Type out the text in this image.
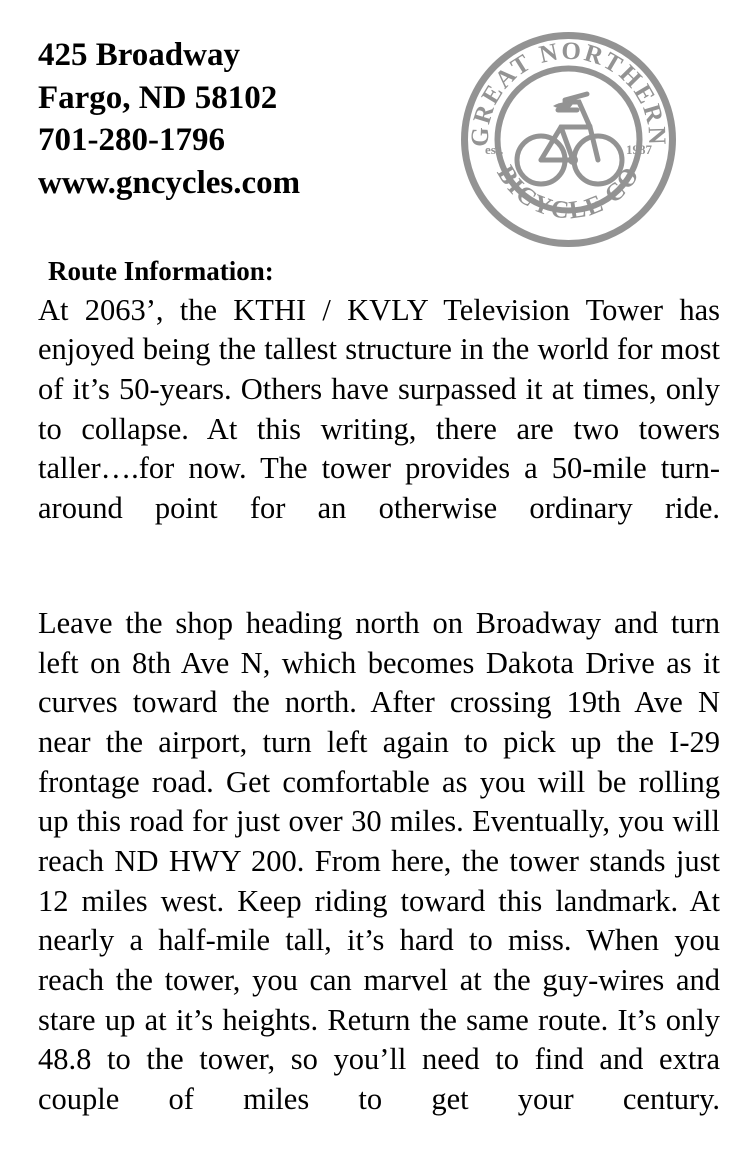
425 Broadway
Fargo, ND 58102
701-280-1796
www.gncycles.com
GREAT NORTHERN
BICYCLE CO
est.	1987
Route Information:

At 2063’, the KTHI / KVLY Television Tower has enjoyed being the tallest structure in the world for most of it’s 50-years. Others have surpassed it at times, only to collapse. At this writing, there are two towers taller….for now. The tower provides a 50-mile turn-around point for an otherwise ordinary ride.

Leave the shop heading north on Broadway and turn left on 8th Ave N, which becomes Dakota Drive as it curves toward the north. After crossing 19th Ave N near the airport, turn left again to pick up the I-29 frontage road. Get comfortable as you will be rolling up this road for just over 30 miles. Eventually, you will reach ND HWY 200. From here, the tower stands just 12 miles west. Keep riding toward this landmark. At nearly a half-mile tall, it’s hard to miss. When you reach the tower, you can marvel at the guy-wires and stare up at it’s heights. Return the same route. It’s only 48.8 to the tower, so you’ll need to find and extra couple of miles to get your century.
